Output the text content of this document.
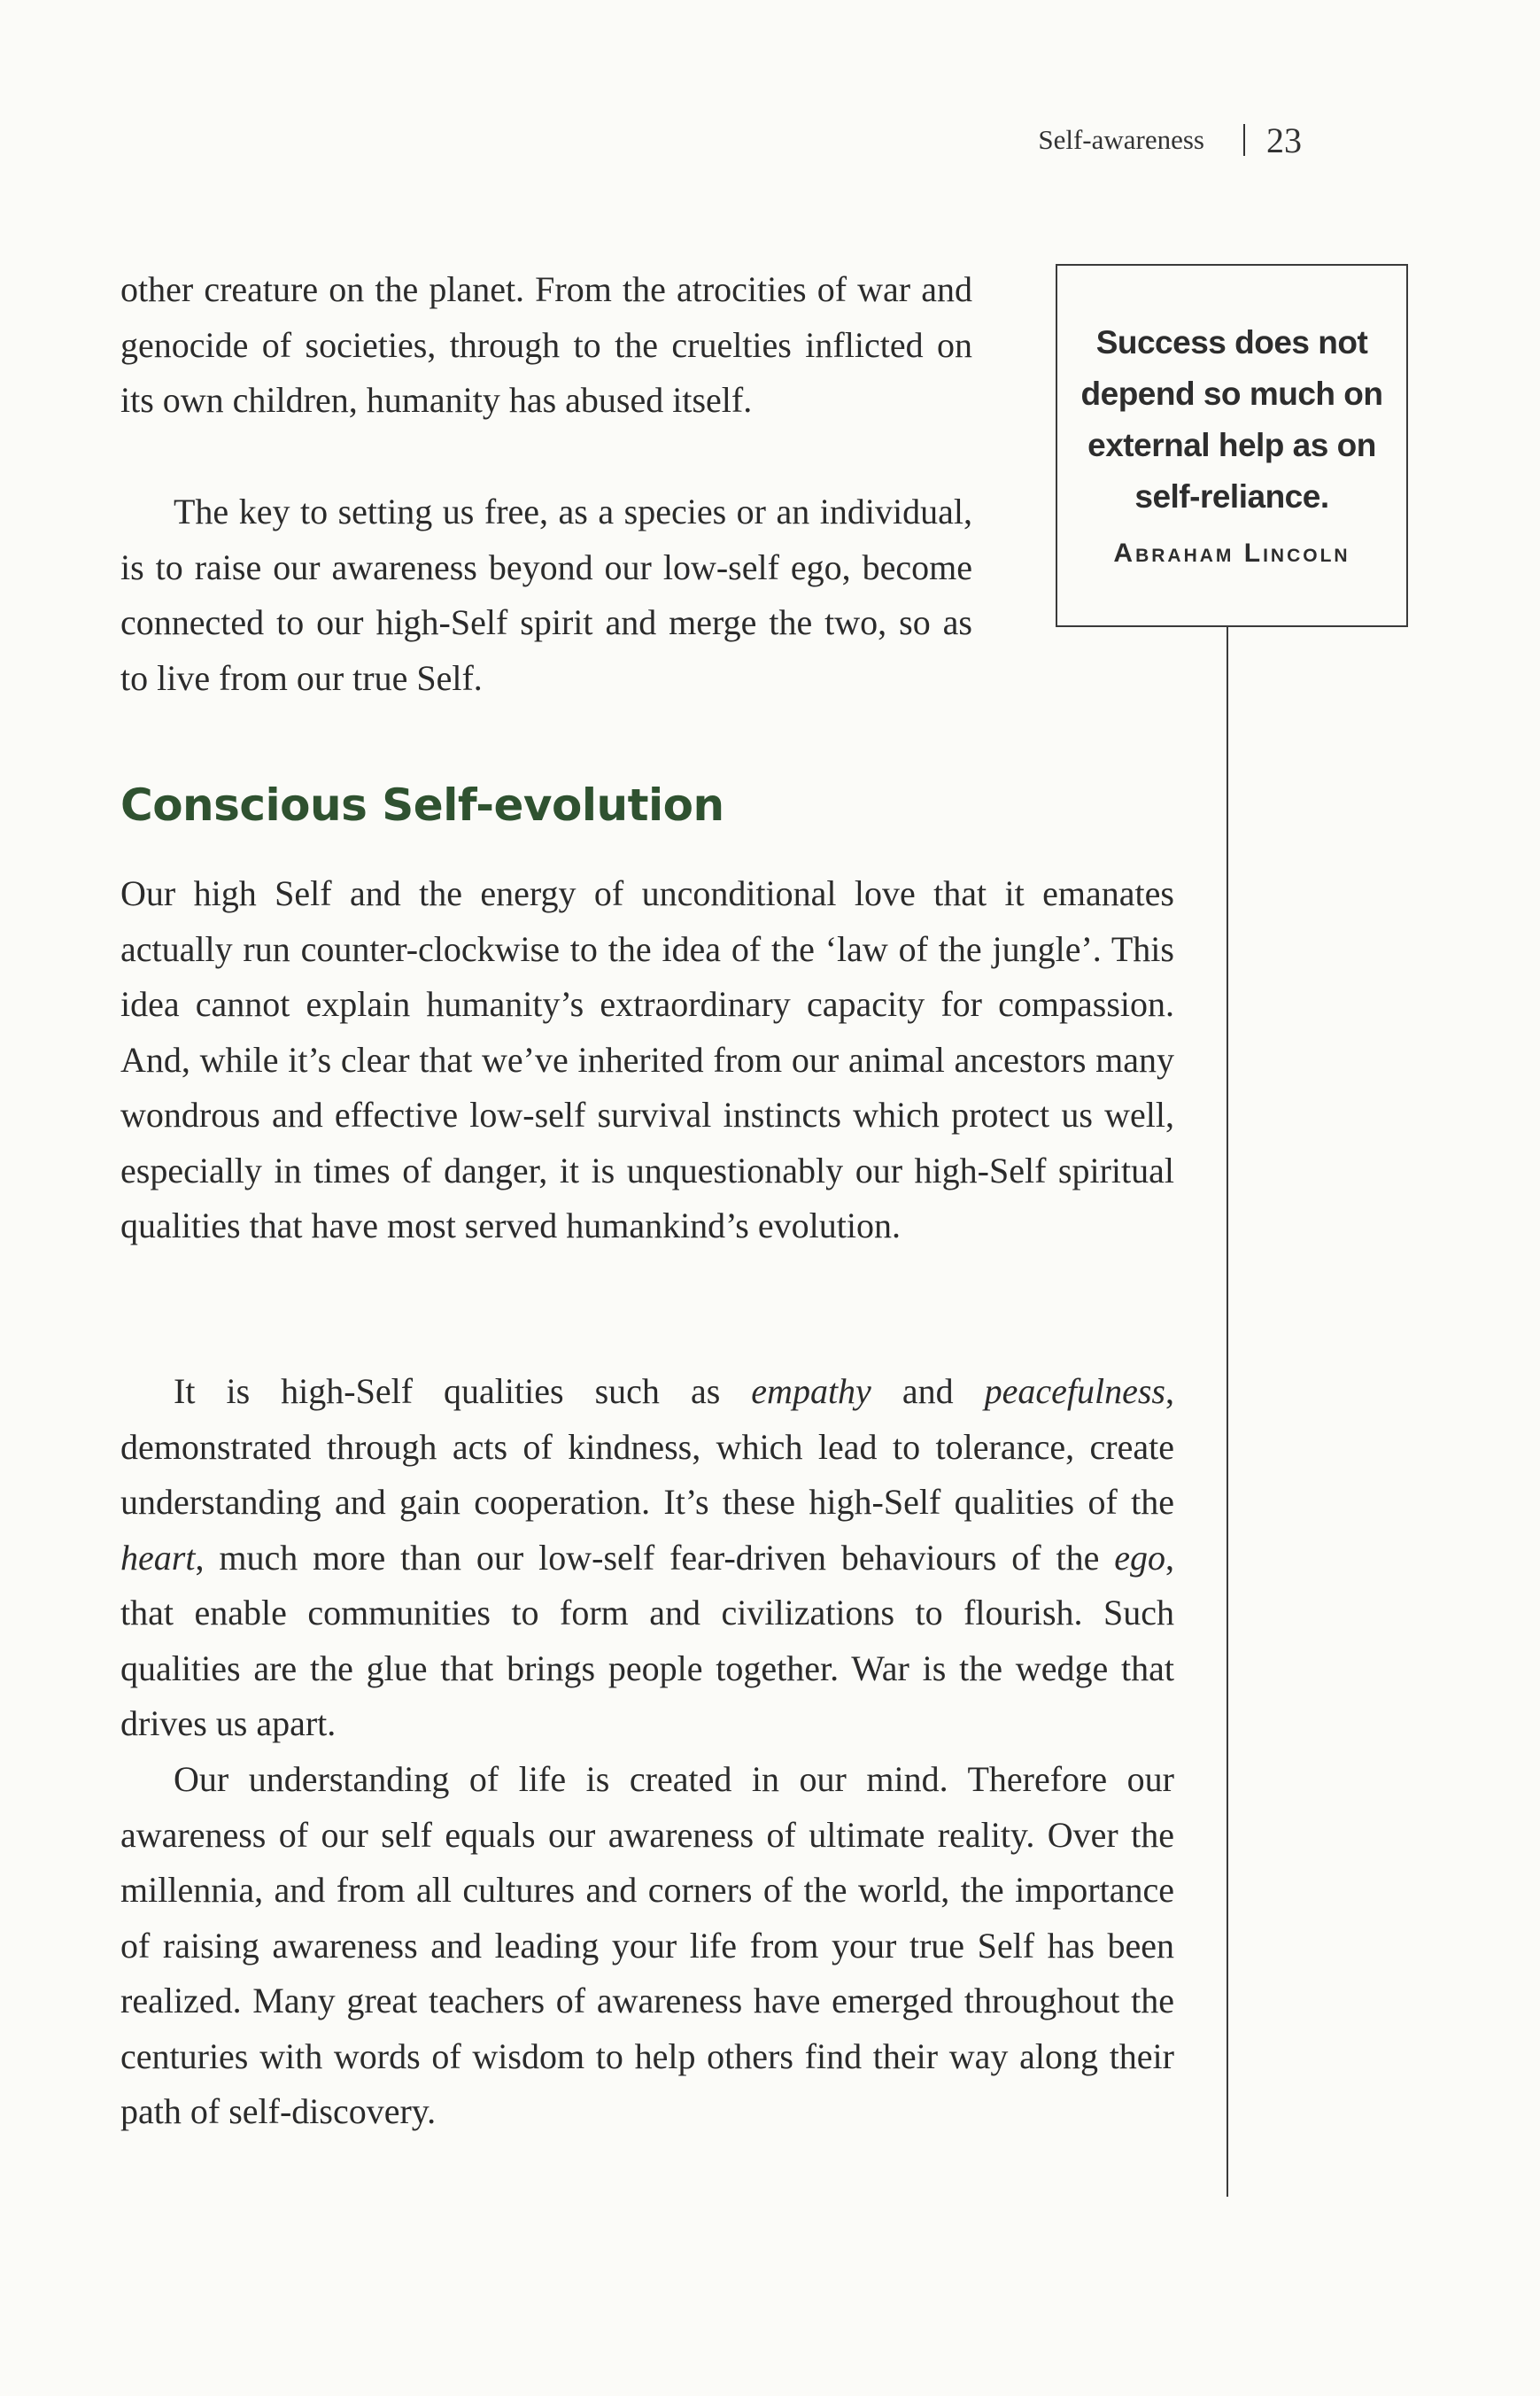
Self-awareness 23

other creature on the planet. From the atrocities of war and genocide of societies, through to the cruelties inflicted on its own children, humanity has abused itself.

The key to setting us free, as a species or an individual, is to raise our awareness beyond our low-self ego, become connected to our high-Self spirit and merge the two, so as to live from our true Self.

Success does not
depend so much on
external help as on
self-reliance.
Abraham Lincoln
Conscious Self-evolution

Our high Self and the energy of unconditional love that it emanates actually run counter-clockwise to the idea of the ‘law of the jungle’. This idea cannot explain humanity’s extraordinary capacity for compassion. And, while it’s clear that we’ve inherited from our animal ancestors many wondrous and effective low-self survival instincts which protect us well, especially in times of danger, it is unquestionably our high-Self spiritual qualities that have most served humankind’s evolution.

It is high-Self qualities such as empathy and peacefulness, demonstrated through acts of kindness, which lead to tolerance, create understanding and gain cooperation. It’s these high-Self qualities of the heart, much more than our low-self fear-driven behaviours of the ego, that enable communities to form and civilizations to flourish. Such qualities are the glue that brings people together. War is the wedge that drives us apart.

Our understanding of life is created in our mind. Therefore our awareness of our self equals our awareness of ultimate reality. Over the millennia, and from all cultures and corners of the world, the importance of raising awareness and leading your life from your true Self has been realized. Many great teachers of awareness have emerged throughout the centuries with words of wisdom to help others find their way along their path of self-discovery.
